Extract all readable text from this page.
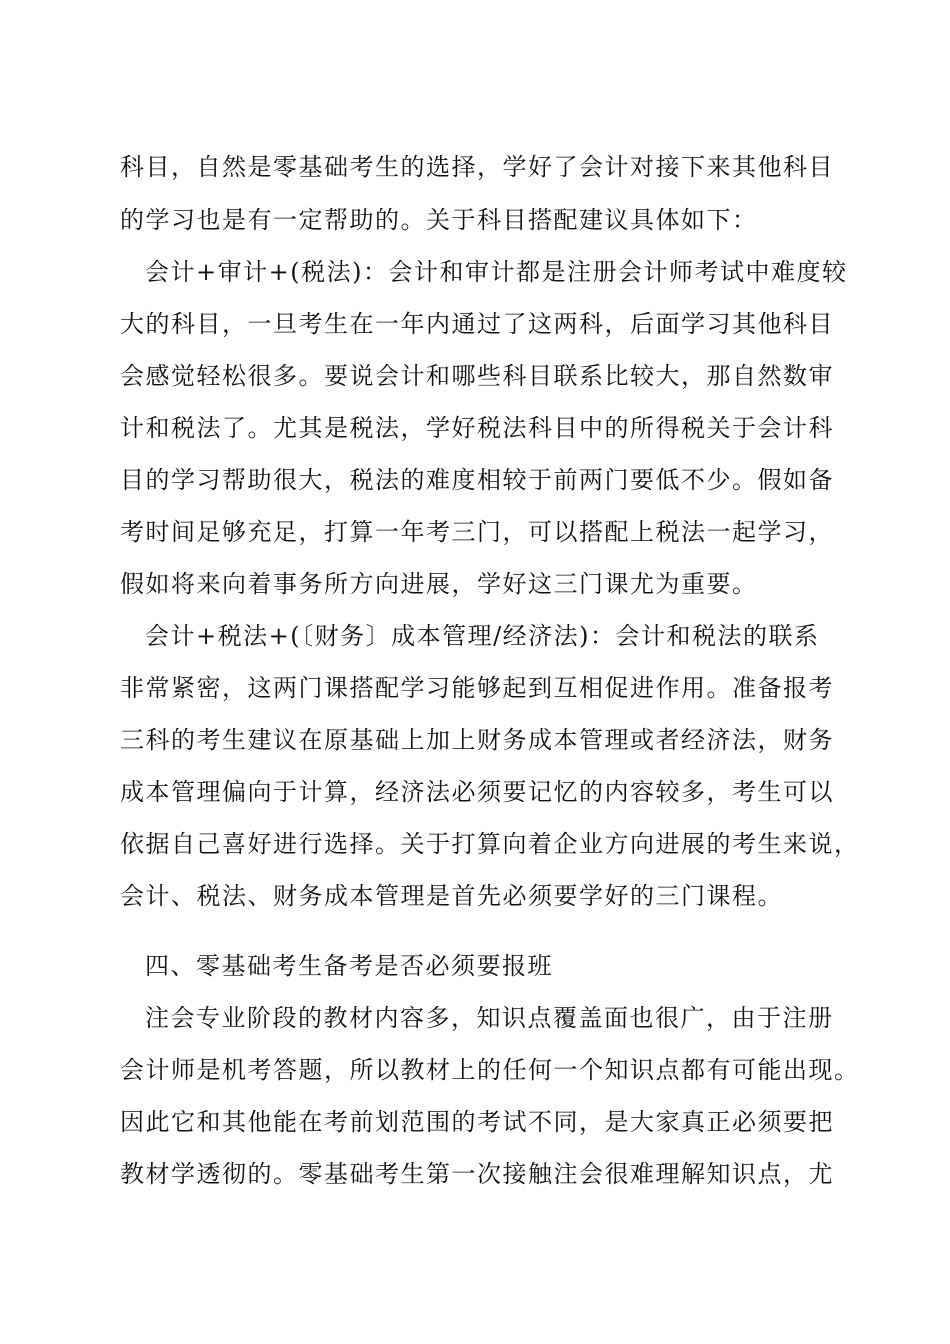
科目，自然是零基础考生的选择，学好了会计对接下来其他科目
的学习也是有一定帮助的。关于科目搭配建议具体如下：
会计+审计+(税法)：会计和审计都是注册会计师考试中难度较
大的科目，一旦考生在一年内通过了这两科，后面学习其他科目
会感觉轻松很多。要说会计和哪些科目联系比较大，那自然数审
计和税法了。尤其是税法，学好税法科目中的所得税关于会计科
目的学习帮助很大，税法的难度相较于前两门要低不少。假如备
考时间足够充足，打算一年考三门，可以搭配上税法一起学习，
假如将来向着事务所方向进展，学好这三门课尤为重要。
会计+税法+(〔财务〕成本管理/经济法)：会计和税法的联系
非常紧密，这两门课搭配学习能够起到互相促进作用。准备报考
三科的考生建议在原基础上加上财务成本管理或者经济法，财务
成本管理偏向于计算，经济法必须要记忆的内容较多，考生可以
依据自己喜好进行选择。关于打算向着企业方向进展的考生来说，
会计、税法、财务成本管理是首先必须要学好的三门课程。
四、零基础考生备考是否必须要报班
注会专业阶段的教材内容多，知识点覆盖面也很广，由于注册
会计师是机考答题，所以教材上的任何一个知识点都有可能出现。
因此它和其他能在考前划范围的考试不同，是大家真正必须要把
教材学透彻的。零基础考生第一次接触注会很难理解知识点，尤
